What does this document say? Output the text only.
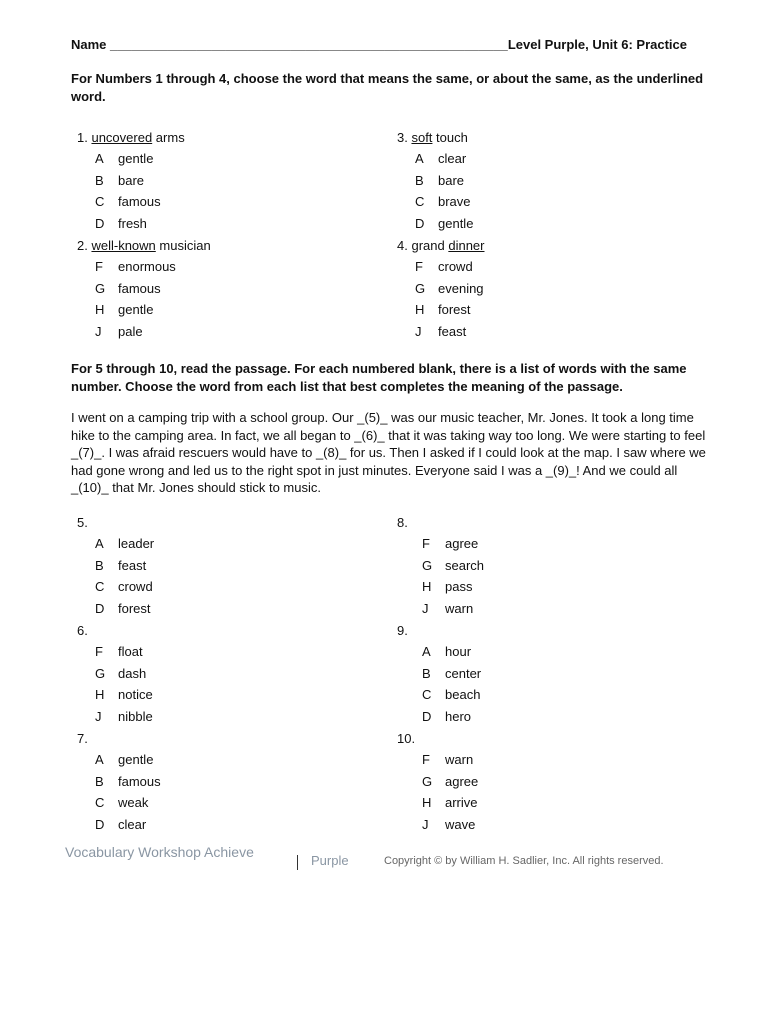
Name _______________________________________________________ Level Purple, Unit 6: Practice
For Numbers 1 through 4, choose the word that means the same, or about the same, as the underlined word.
1. uncovered arms
A gentle
B bare
C famous
D fresh
2. well-known musician
F enormous
G famous
H gentle
J pale
3. soft touch
A clear
B bare
C brave
D gentle
4. grand dinner
F crowd
G evening
H forest
J feast
For 5 through 10, read the passage. For each numbered blank, there is a list of words with the same number. Choose the word from each list that best completes the meaning of the passage.
I went on a camping trip with a school group. Our _(5)_ was our music teacher, Mr. Jones. It took a long time hike to the camping area. In fact, we all began to _(6)_ that it was taking way too long. We were starting to feel _(7)_. I was afraid rescuers would have to _(8)_ for us. Then I asked if I could look at the map. I saw where we had gone wrong and led us to the right spot in just minutes. Everyone said I was a _(9)_! And we could all _(10)_ that Mr. Jones should stick to music.
5.
A leader
B feast
C crowd
D forest
6.
F float
G dash
H notice
J nibble
7.
A gentle
B famous
C weak
D clear
8.
F agree
G search
H pass
J warn
9.
A hour
B center
C beach
D hero
10.
F warn
G agree
H arrive
J wave
Vocabulary Workshop Achieve
Purple	Copyright © by William H. Sadlier, Inc. All rights reserved.
